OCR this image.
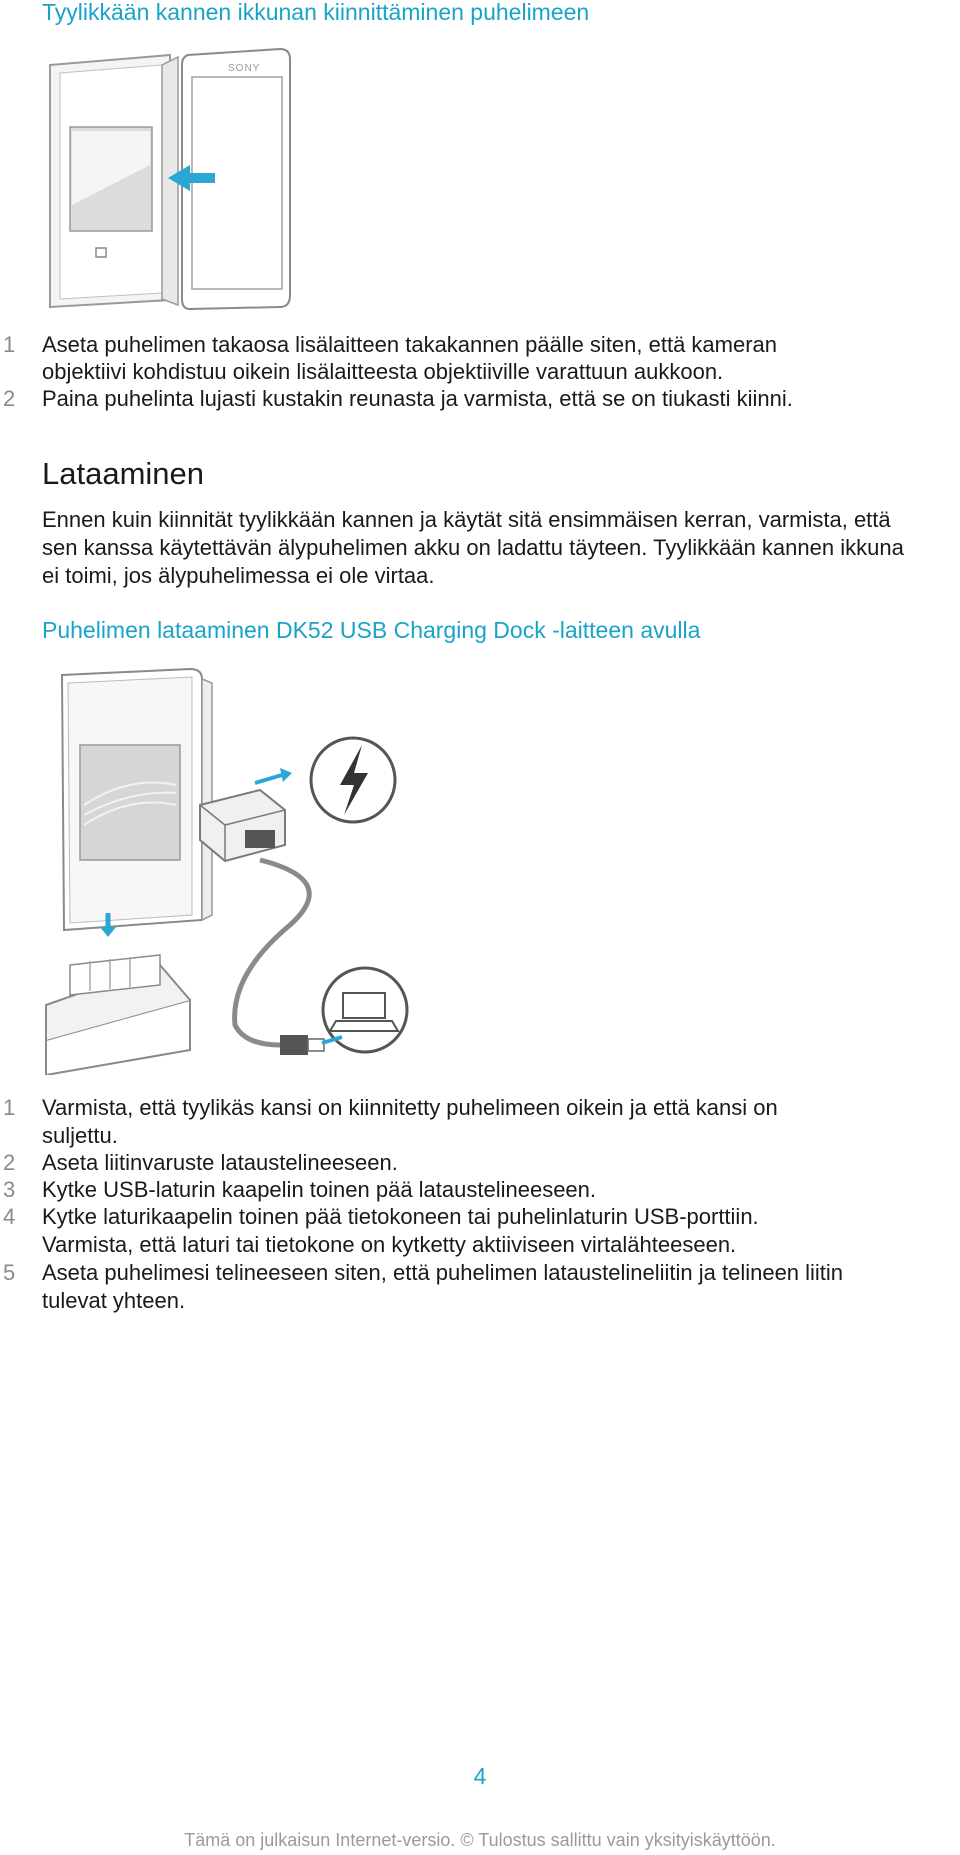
Tyylikkään kannen ikkunan kiinnittäminen puhelimeen
SONY
1	Aseta puhelimen takaosa lisälaitteen takakannen päälle siten, että kameran
objektiivi kohdistuu oikein lisälaitteesta objektiiville varattuun aukkoon.
2	Paina puhelinta lujasti kustakin reunasta ja varmista, että se on tiukasti kiinni.
Lataaminen
Ennen kuin kiinnität tyylikkään kannen ja käytät sitä ensimmäisen kerran, varmista, että
sen kanssa käytettävän älypuhelimen akku on ladattu täyteen. Tyylikkään kannen ikkuna
ei toimi, jos älypuhelimessa ei ole virtaa.
Puhelimen lataaminen DK52 USB Charging Dock -laitteen avulla
1	Varmista, että tyylikäs kansi on kiinnitetty puhelimeen oikein ja että kansi on
suljettu.
2	Aseta liitinvaruste lataustelineeseen.
3	Kytke USB-laturin kaapelin toinen pää lataustelineeseen.
4	Kytke laturikaapelin toinen pää tietokoneen tai puhelinlaturin USB-porttiin.
Varmista, että laturi tai tietokone on kytketty aktiiviseen virtalähteeseen.
5	Aseta puhelimesi telineeseen siten, että puhelimen lataustelineliitin ja telineen liitin
tulevat yhteen.
4
Tämä on julkaisun Internet-versio. © Tulostus sallittu vain yksityiskäyttöön.
